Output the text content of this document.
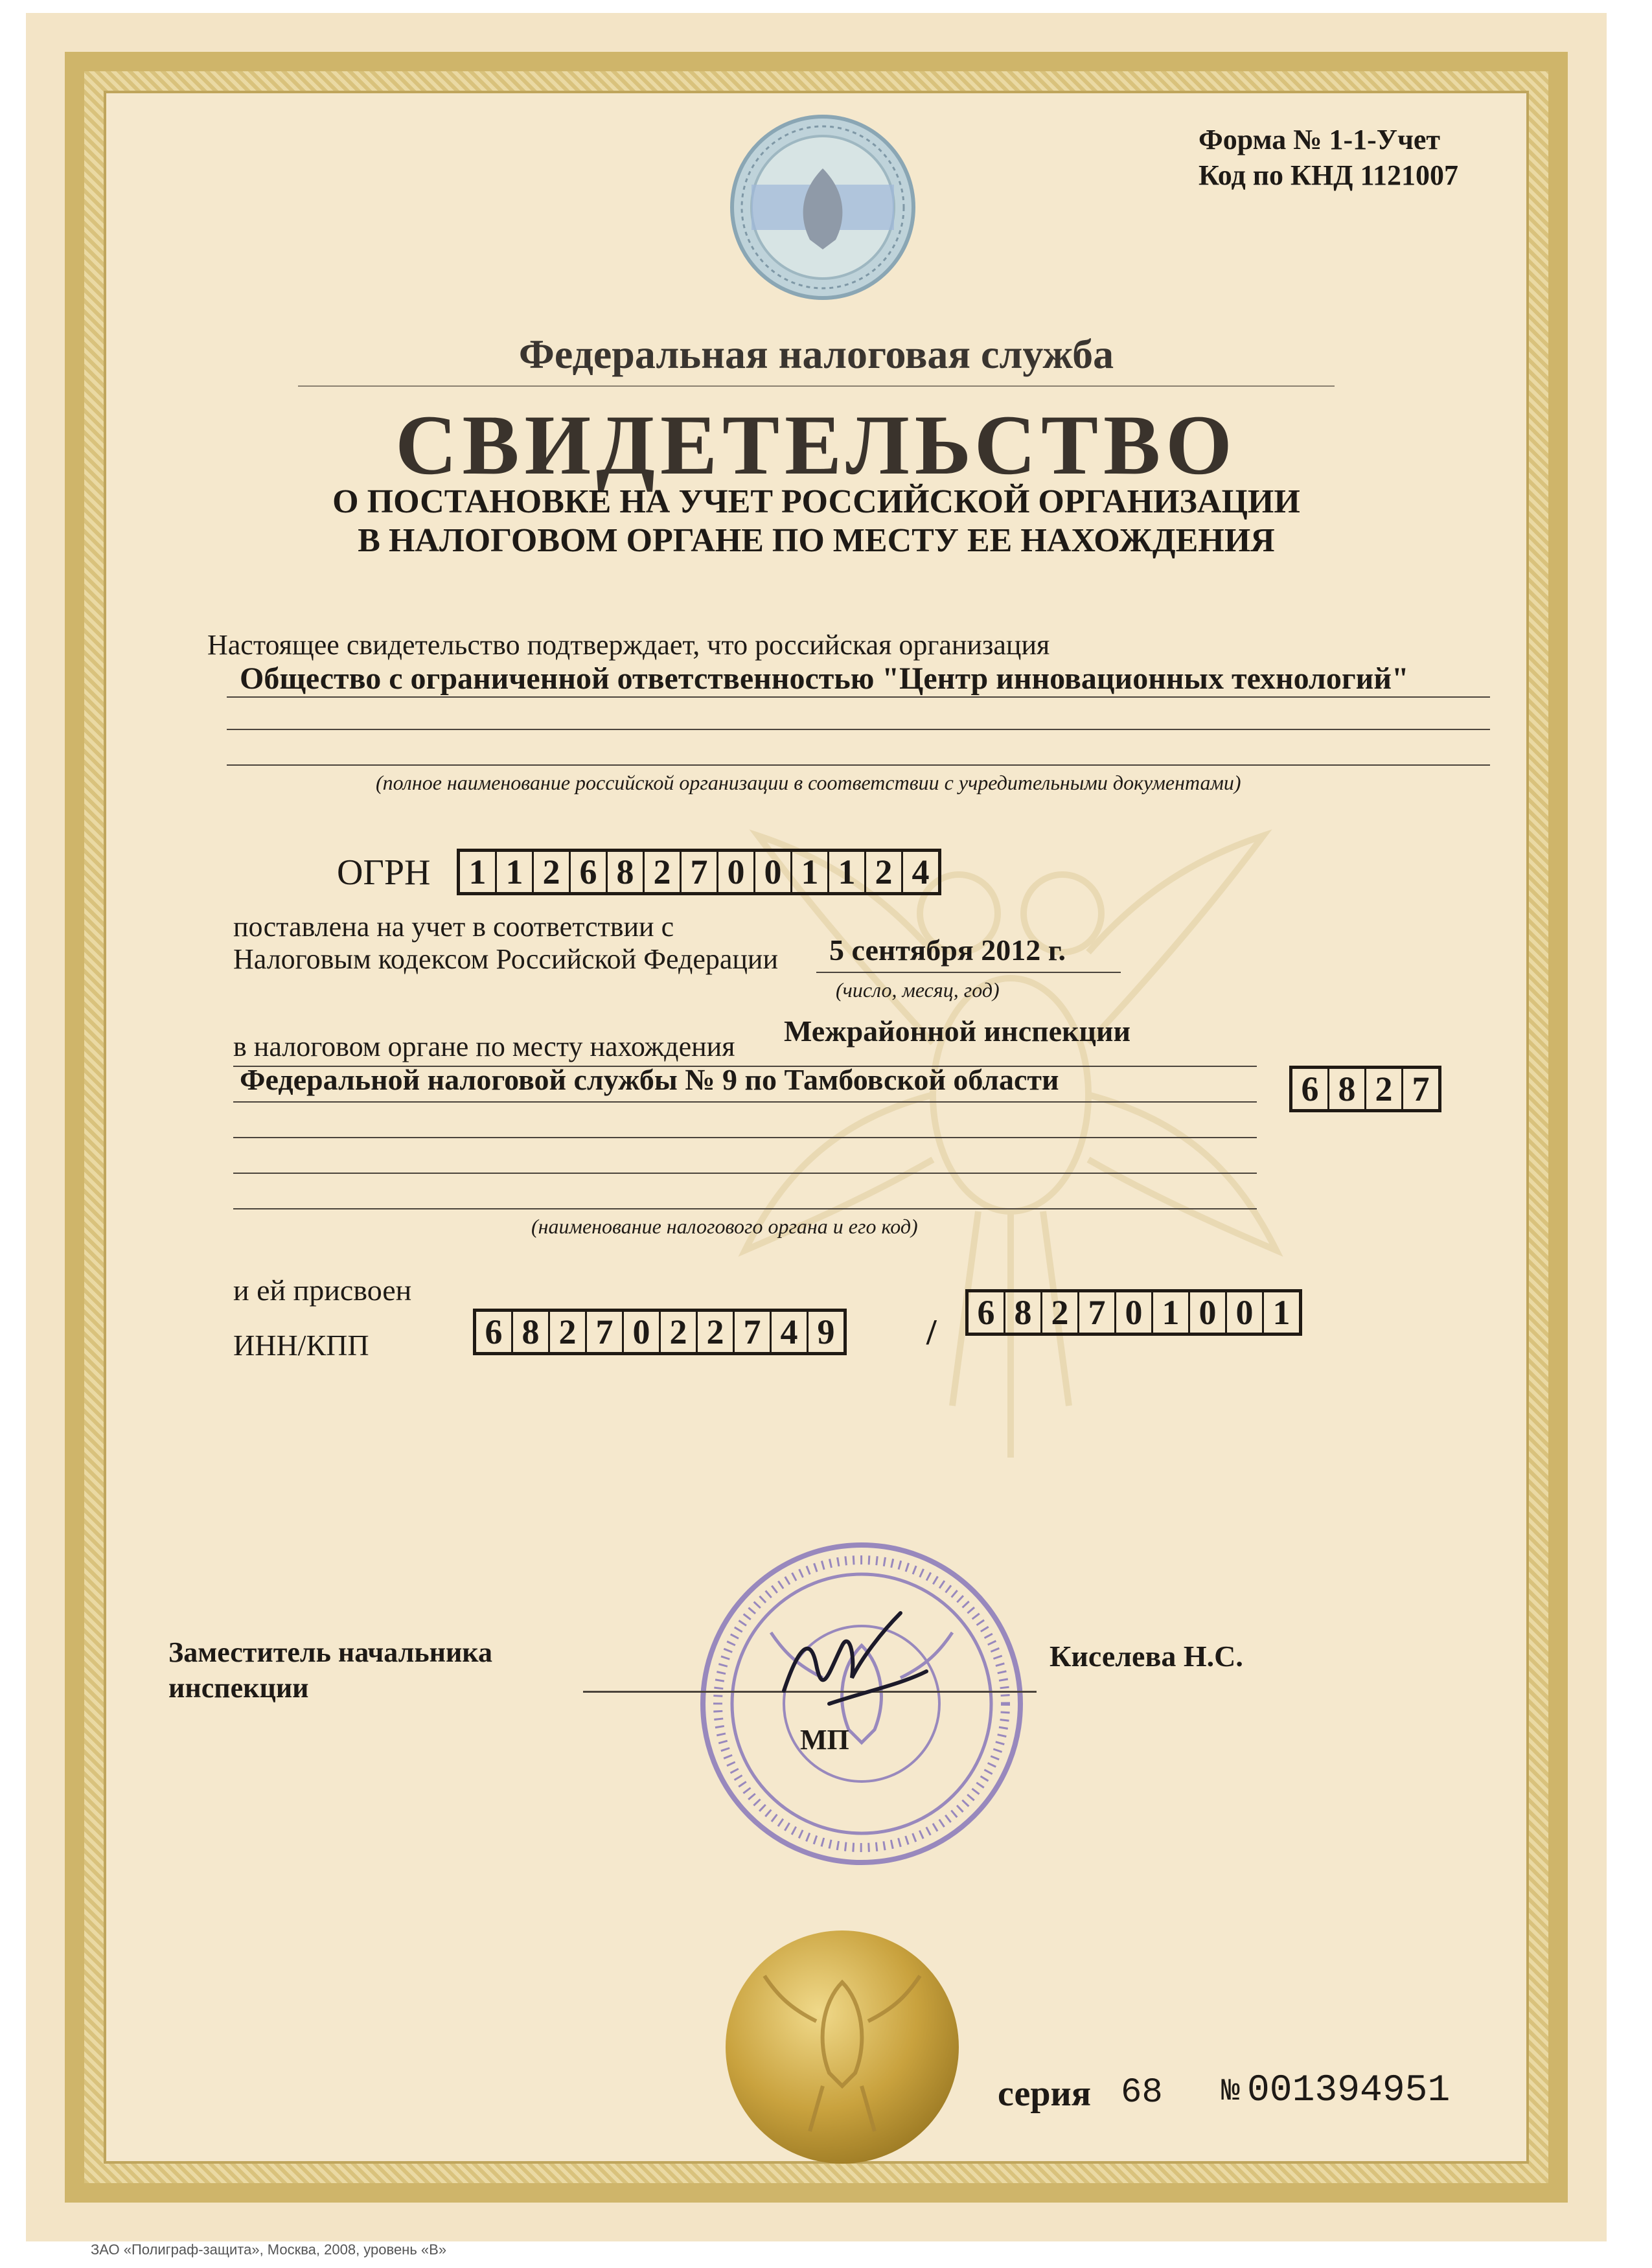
Форма № 1-1-Учет
Код по КНД 1121007
Федеральная налоговая служба
СВИДЕТЕЛЬСТВО
О ПОСТАНОВКЕ НА УЧЕТ РОССИЙСКОЙ ОРГАНИЗАЦИИ
В НАЛОГОВОМ ОРГАНЕ ПО МЕСТУ ЕЕ НАХОЖДЕНИЯ
Настоящее свидетельство подтверждает, что российская организация
Общество с ограниченной ответственностью "Центр инновационных технологий"
(полное наименование российской организации в соответствии с учредительными документами)
ОГРН 1 1 2 6 8 2 7 0 0 1 1 2 4
поставлена на учет в соответствии с
Налоговым кодексом Российской Федерации 5 сентября 2012 г.
(число, месяц, год)
в налоговом органе по месту нахождения Межрайонной инспекции
Федеральной налоговой службы № 9 по Тамбовской области	6 8 2 7
(наименование налогового органа и его код)
и ей присвоен
ИНН/КПП	6 8 2 7 0 2 2 7 4 9	/ 6 8 2 7 0 1 0 0 1
Заместитель начальника
инспекции
Киселева Н.С.
МП
серия 68 № 001394951
ЗАО «Полиграф-защита», Москва, 2008, уровень «В»
